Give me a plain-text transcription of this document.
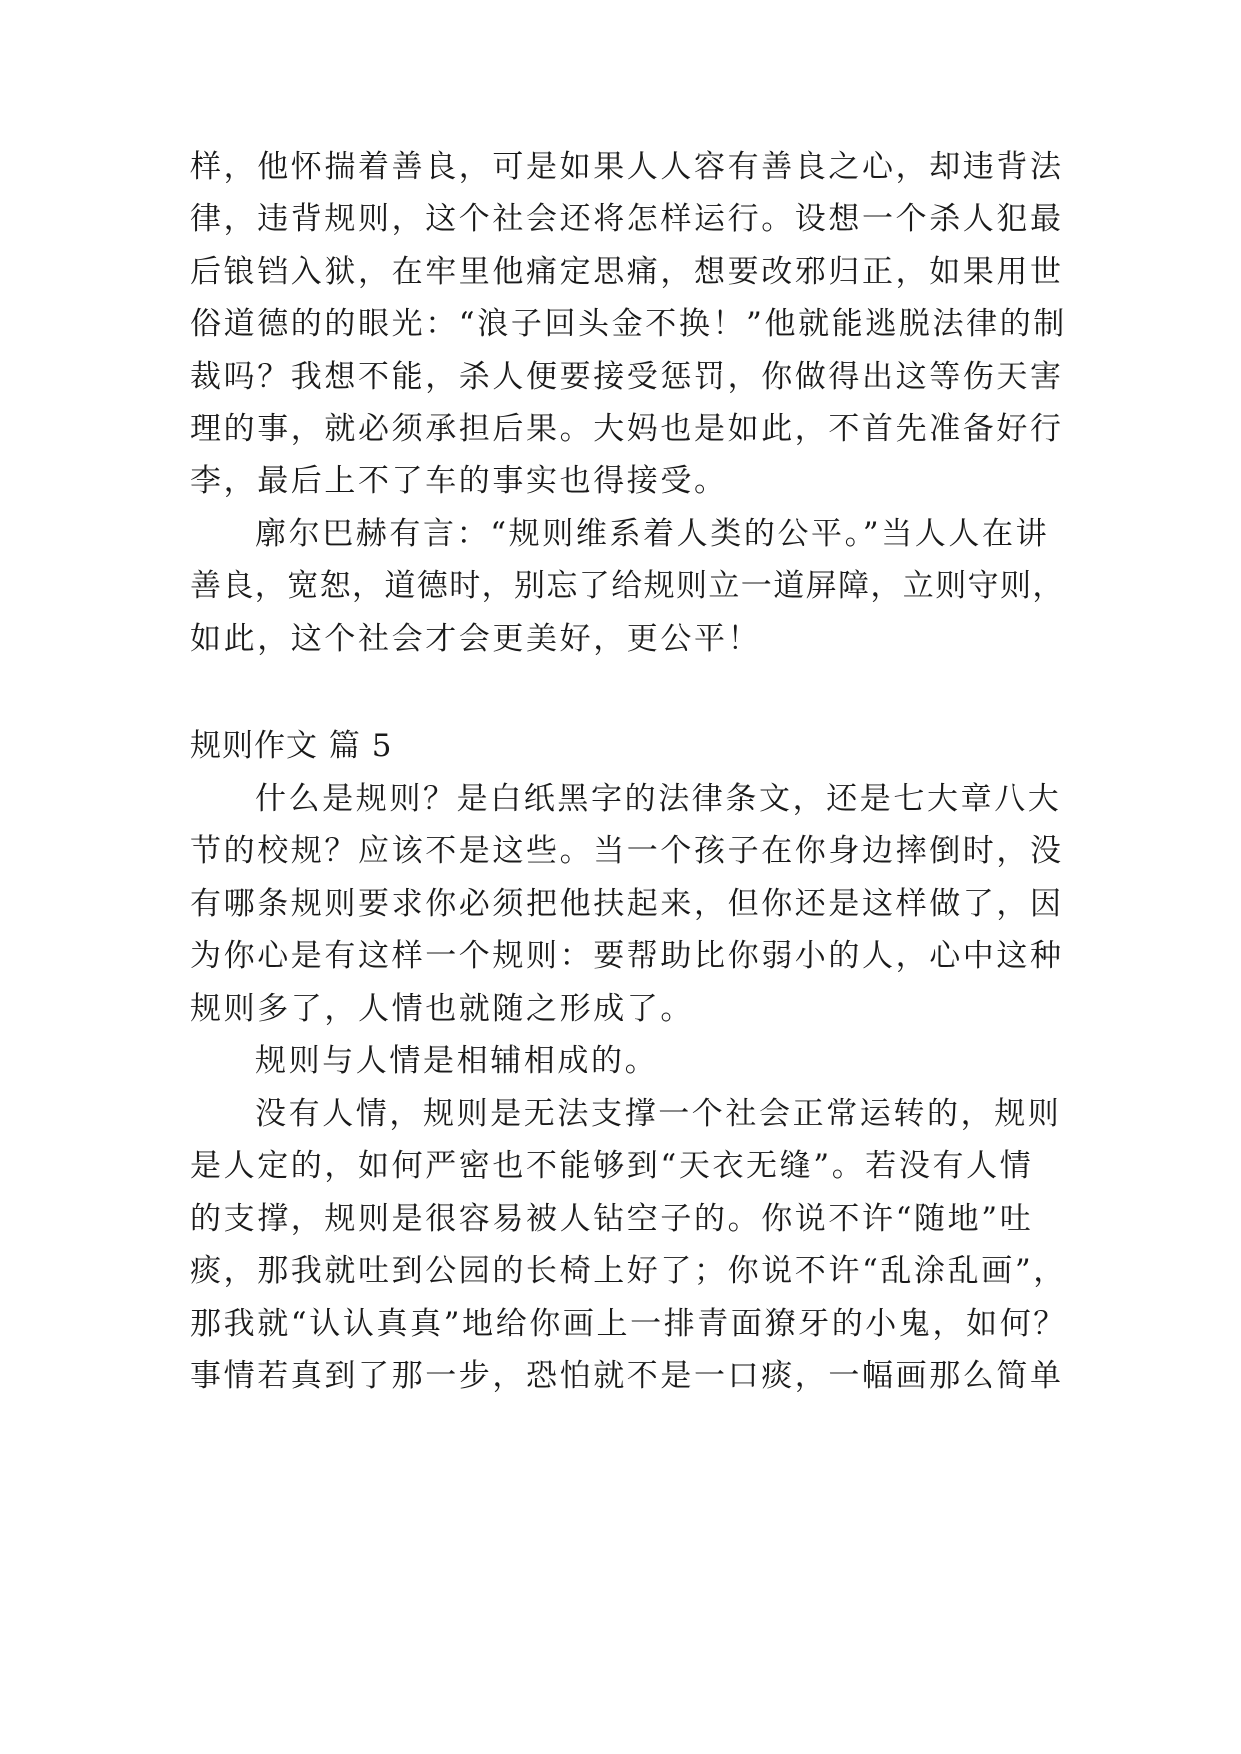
样，他怀揣着善良，可是如果人人容有善良之心，却违背法
律，违背规则，这个社会还将怎样运行。设想一个杀人犯最
后锒铛入狱，在牢里他痛定思痛，想要改邪归正，如果用世
俗道德的的眼光：“浪子回头金不换！”他就能逃脱法律的制
裁吗？我想不能，杀人便要接受惩罚，你做得出这等伤天害
理的事，就必须承担后果。大妈也是如此，不首先准备好行
李，最后上不了车的事实也得接受。
廓尔巴赫有言：“规则维系着人类的公平。”当人人在讲
善良，宽恕，道德时，别忘了给规则立一道屏障，立则守则，
如此，这个社会才会更美好，更公平！
规则作文 篇 5
什么是规则？是白纸黑字的法律条文，还是七大章八大
节的校规？应该不是这些。当一个孩子在你身边摔倒时，没
有哪条规则要求你必须把他扶起来，但你还是这样做了，因
为你心是有这样一个规则：要帮助比你弱小的人，心中这种
规则多了，人情也就随之形成了。
规则与人情是相辅相成的。
没有人情，规则是无法支撑一个社会正常运转的，规则
是人定的，如何严密也不能够到“天衣无缝”。若没有人情
的支撑，规则是很容易被人钻空子的。你说不许“随地”吐
痰，那我就吐到公园的长椅上好了；你说不许“乱涂乱画”，
那我就“认认真真”地给你画上一排青面獠牙的小鬼，如何？
事情若真到了那一步，恐怕就不是一口痰，一幅画那么简单
